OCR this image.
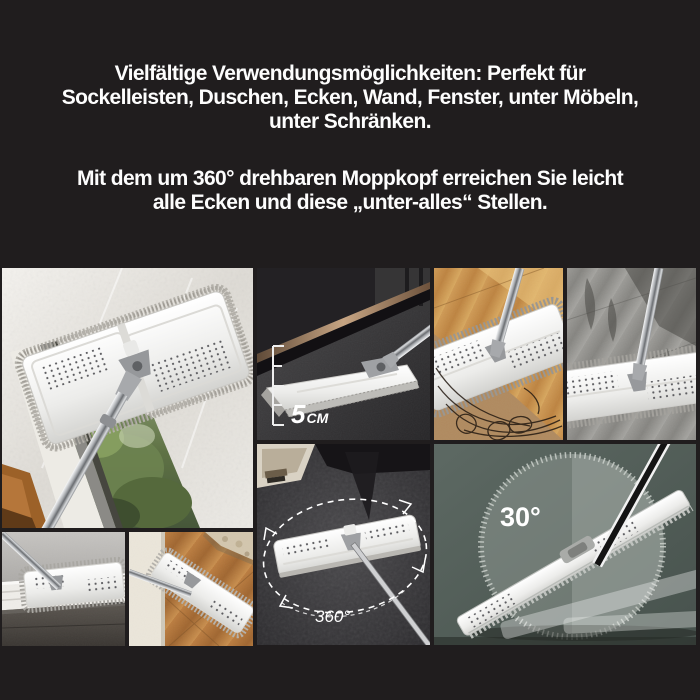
Vielfältige Verwendungsmöglichkeiten: Perfekt für
Sockelleisten, Duschen, Ecken, Wand, Fenster, unter Möbeln,
unter Schränken.
Mit dem um 360° drehbaren Moppkopf erreichen Sie leicht
alle Ecken und diese „unter-alles“ Stellen.
5CM
360°
30°
